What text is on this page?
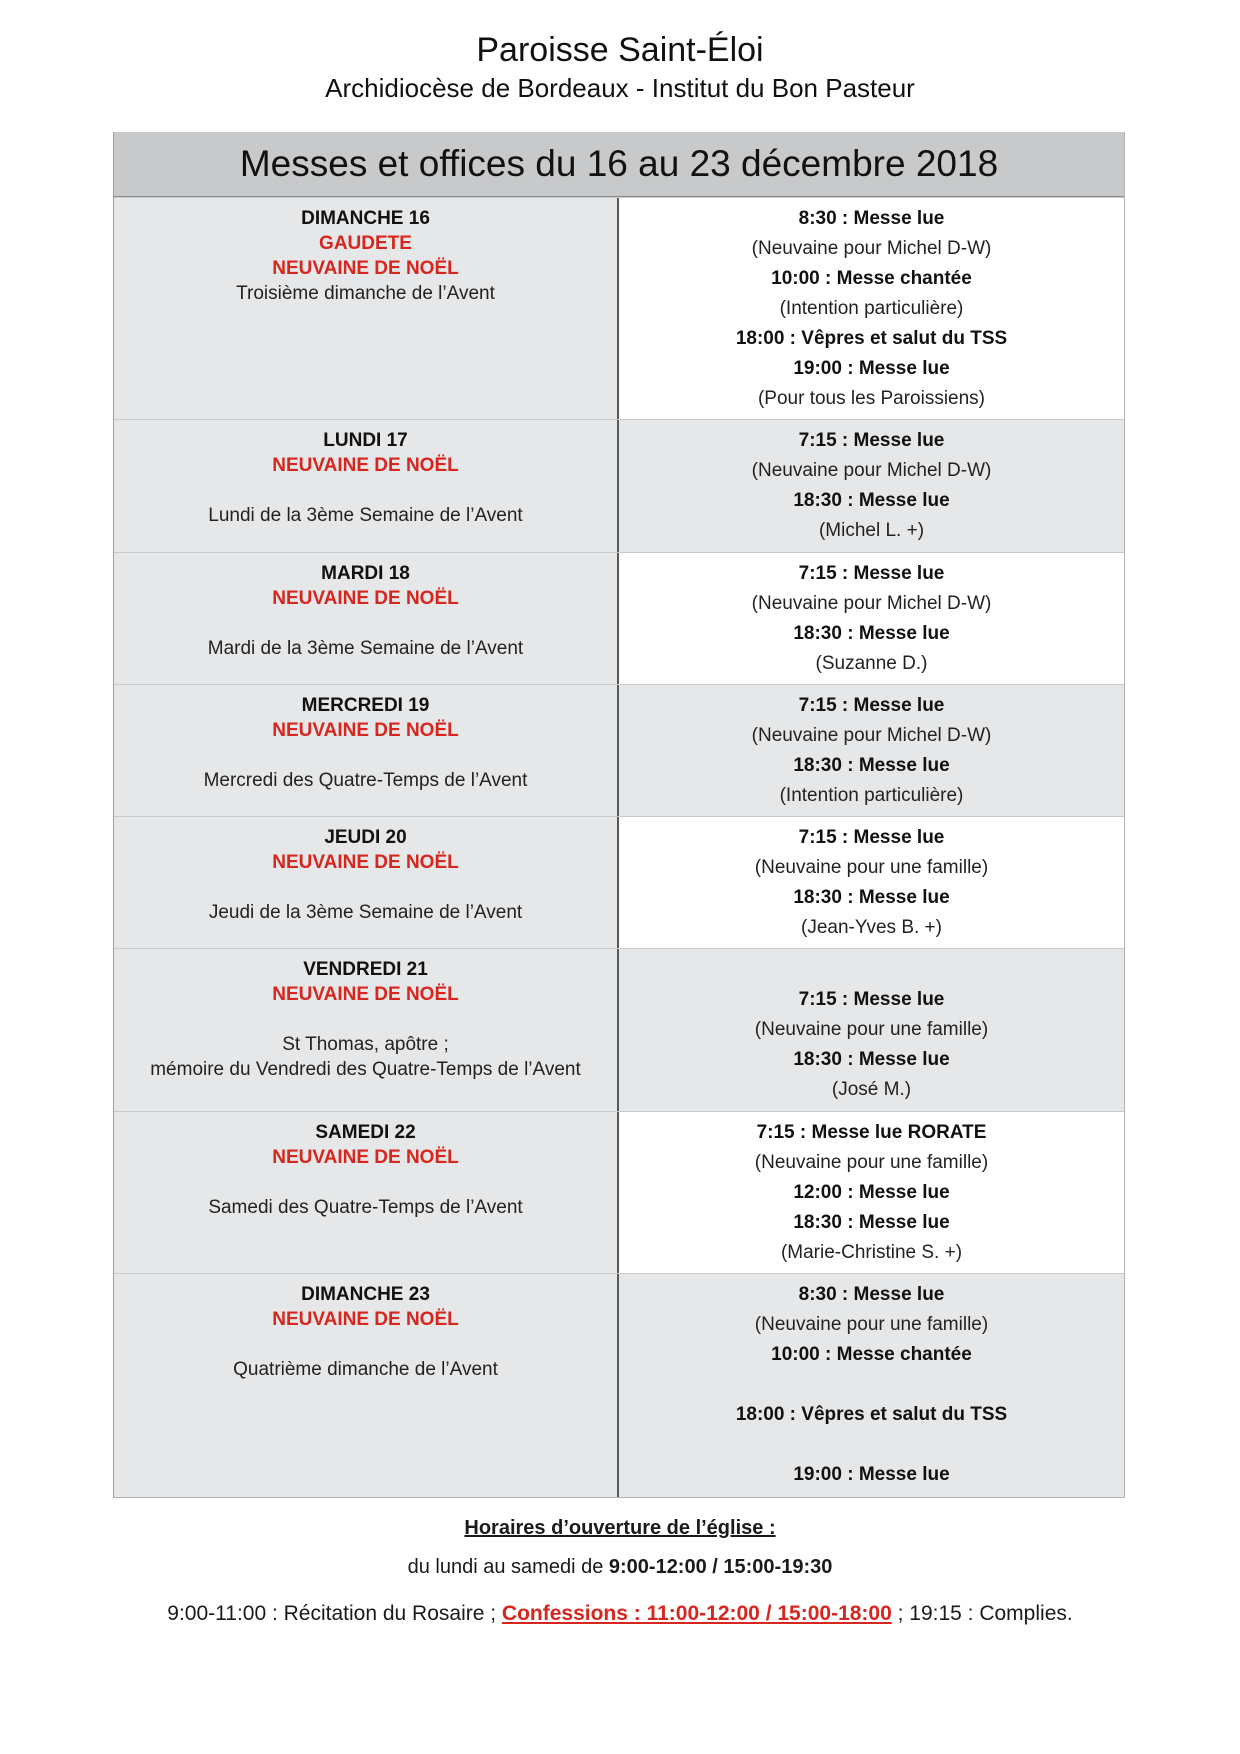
Paroisse Saint-Éloi
Archidiocèse de Bordeaux - Institut du Bon Pasteur
Messes et offices du 16 au 23 décembre 2018
DIMANCHE 16
GAUDETE
NEUVAINE DE NOËL
Troisième dimanche de l’Avent
8:30 : Messe lue
(Neuvaine pour Michel D-W)
10:00 : Messe chantée
(Intention particulière)
18:00 : Vêpres et salut du TSS
19:00 : Messe lue
(Pour tous les Paroissiens)
LUNDI 17
NEUVAINE DE NOËL
Lundi de la 3ème Semaine de l’Avent
7:15 : Messe lue
(Neuvaine pour Michel D-W)
18:30 : Messe lue
(Michel L. +)
MARDI 18
NEUVAINE DE NOËL
Mardi de la 3ème Semaine de l’Avent
7:15 : Messe lue
(Neuvaine pour Michel D-W)
18:30 : Messe lue
(Suzanne D.)
MERCREDI 19
NEUVAINE DE NOËL
Mercredi des Quatre-Temps de l’Avent
7:15 : Messe lue
(Neuvaine pour Michel D-W)
18:30 : Messe lue
(Intention particulière)
JEUDI 20
NEUVAINE DE NOËL
Jeudi de la 3ème Semaine de l’Avent
7:15 : Messe lue
(Neuvaine pour une famille)
18:30 : Messe lue
(Jean-Yves B. +)
VENDREDI 21
NEUVAINE DE NOËL
St Thomas, apôtre ;
mémoire du Vendredi des Quatre-Temps de l’Avent
7:15 : Messe lue
(Neuvaine pour une famille)
18:30 : Messe lue
(José M.)
SAMEDI 22
NEUVAINE DE NOËL
Samedi des Quatre-Temps de l’Avent
7:15 : Messe lue RORATE
(Neuvaine pour une famille)
12:00 : Messe lue
18:30 : Messe lue
(Marie-Christine S. +)
DIMANCHE 23
NEUVAINE DE NOËL
Quatrième dimanche de l’Avent
8:30 : Messe lue
(Neuvaine pour une famille)
10:00 : Messe chantée
18:00 : Vêpres et salut du TSS
19:00 : Messe lue
Horaires d’ouverture de l’église :
du lundi au samedi de 9:00-12:00 / 15:00-19:30
9:00-11:00 : Récitation du Rosaire ; Confessions : 11:00-12:00 / 15:00-18:00 ; 19:15 : Complies.
